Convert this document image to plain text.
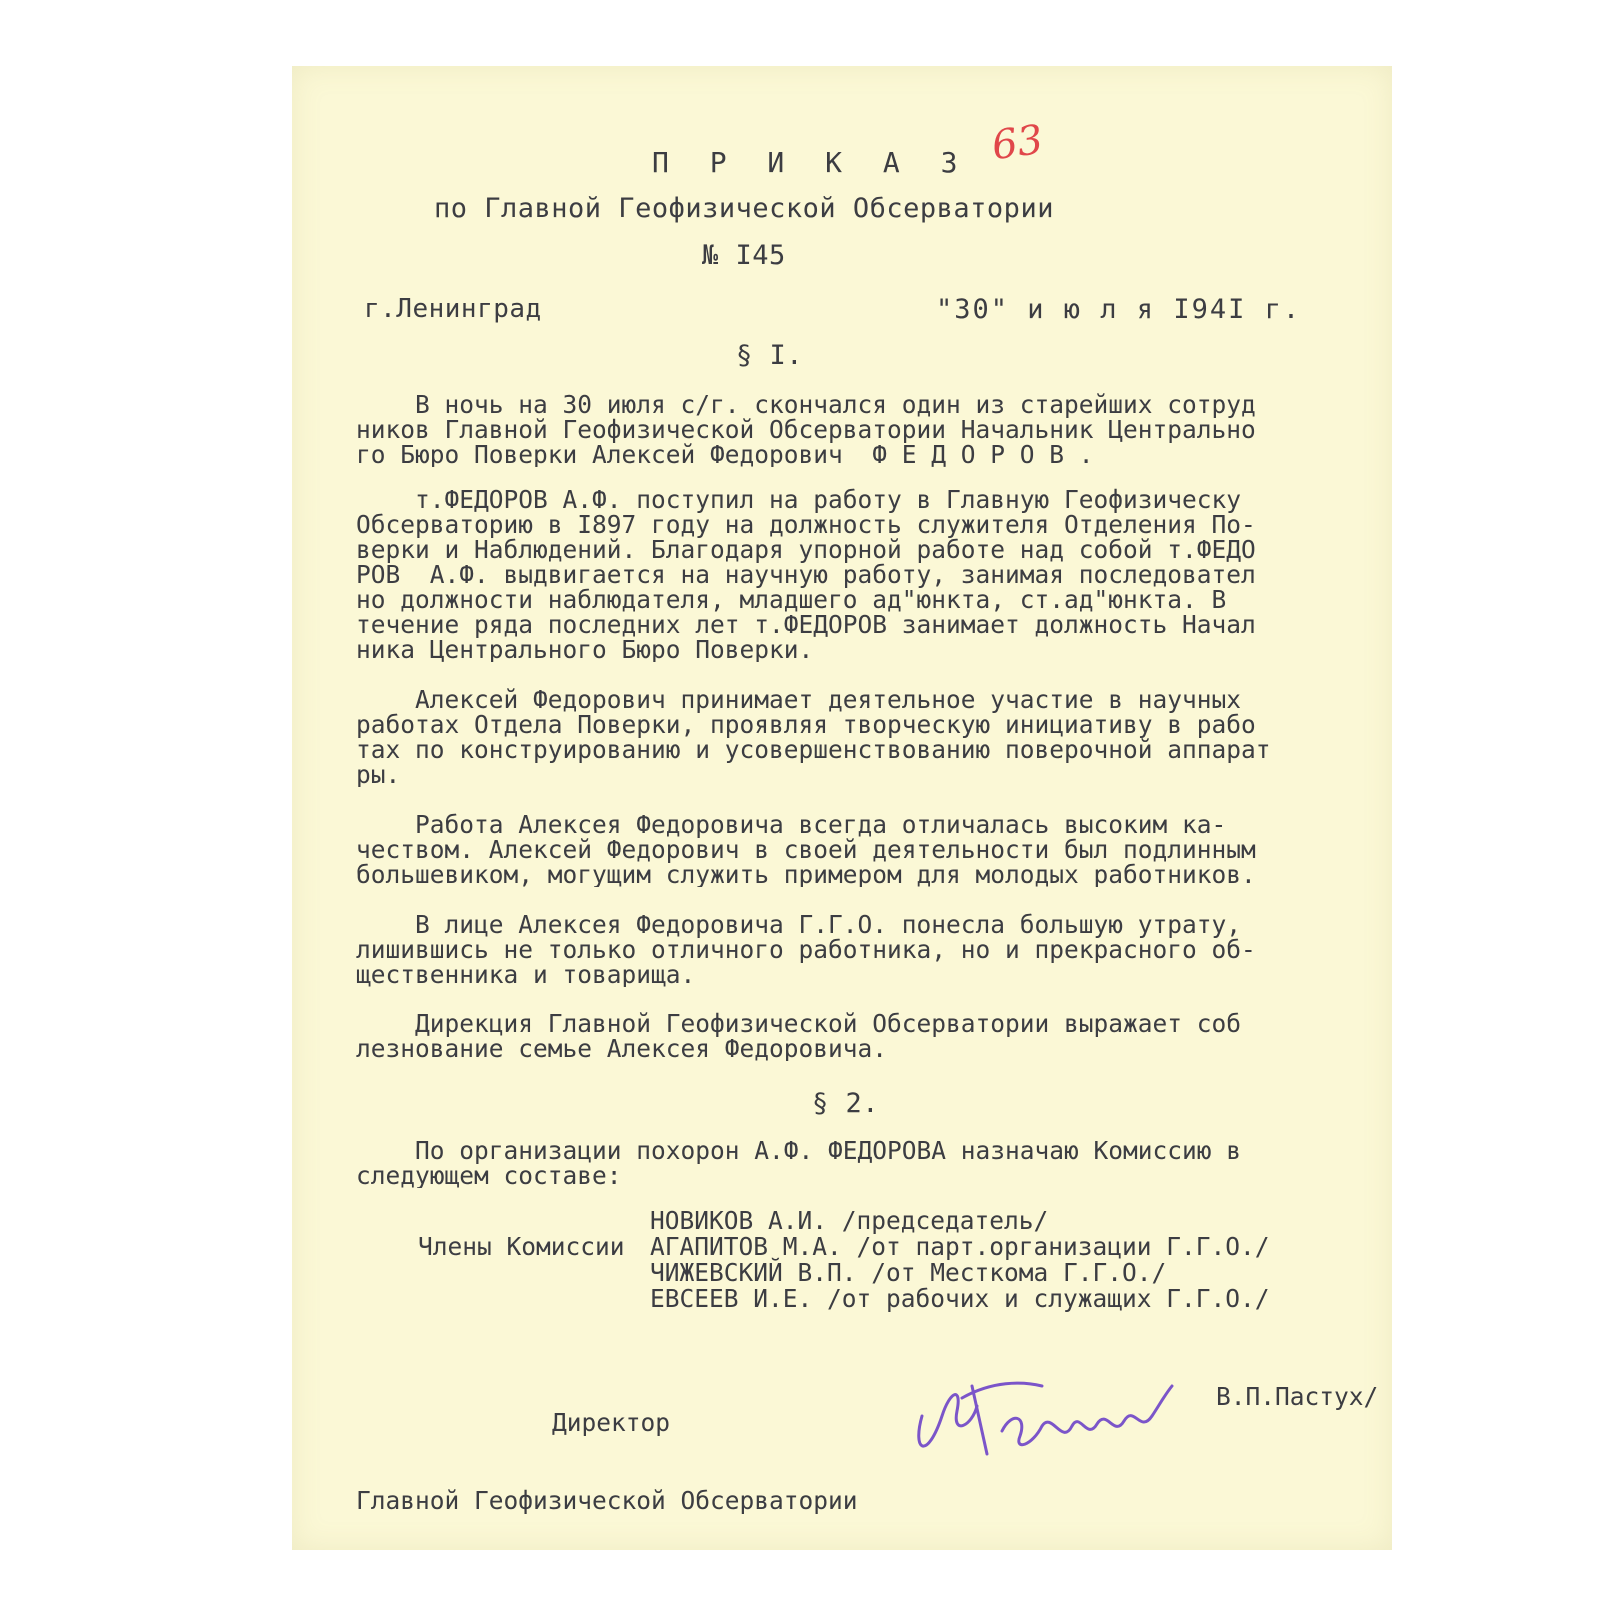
63
П Р И К А З
по Главной Геофизической Обсерватории
№ I45
г.Ленинград	"30" и ю л я I94I г.
§ I.
В ночь на 30 июля с/г. скончался один из старейших сотруд
ников Главной Геофизической Обсерватории Начальник Центрально
го Бюро Поверки Алексей Федорович  Ф Е Д О Р О В .
т.ФЕДОРОВ А.Ф. поступил на работу в Главную Геофизическу
Обсерваторию в I897 году на должность служителя Отделения По-
верки и Наблюдений. Благодаря упорной работе над собой т.ФЕДО
РОВ  А.Ф. выдвигается на научную работу, занимая последовател
но должности наблюдателя, младшего ад"юнкта, ст.ад"юнкта. В
течение ряда последних лет т.ФЕДОРОВ занимает должность Начал
ника Центрального Бюро Поверки.
Алексей Федорович принимает деятельное участие в научных
работах Отдела Поверки, проявляя творческую инициативу в рабо
тах по конструированию и усовершенствованию поверочной аппарат
ры.
Работа Алексея Федоровича всегда отличалась высоким ка-
чеством. Алексей Федорович в своей деятельности был подлинным
большевиком, могущим служить примером для молодых работников.
В лице Алексея Федоровича Г.Г.О. понесла большую утрату,
лишившись не только отличного работника, но и прекрасного об-
щественника и товарища.
Дирекция Главной Геофизической Обсерватории выражает соб
лезнование семье Алексея Федоровича.
§ 2.
По организации похорон А.Ф. ФЕДОРОВА назначаю Комиссию в
следующем составе:
НОВИКОВ А.И. /председатель/
Члены Комиссии АГАПИТОВ М.А. /от парт.организации Г.Г.О./

ЧИЖЕВСКИЙ В.П. /от Месткома Г.Г.О./
ЕВСЕЕВ И.Е. /от рабочих и служащих Г.Г.О./

Директор

Главной Геофизической Обсерватории

В.П.Пастух/
